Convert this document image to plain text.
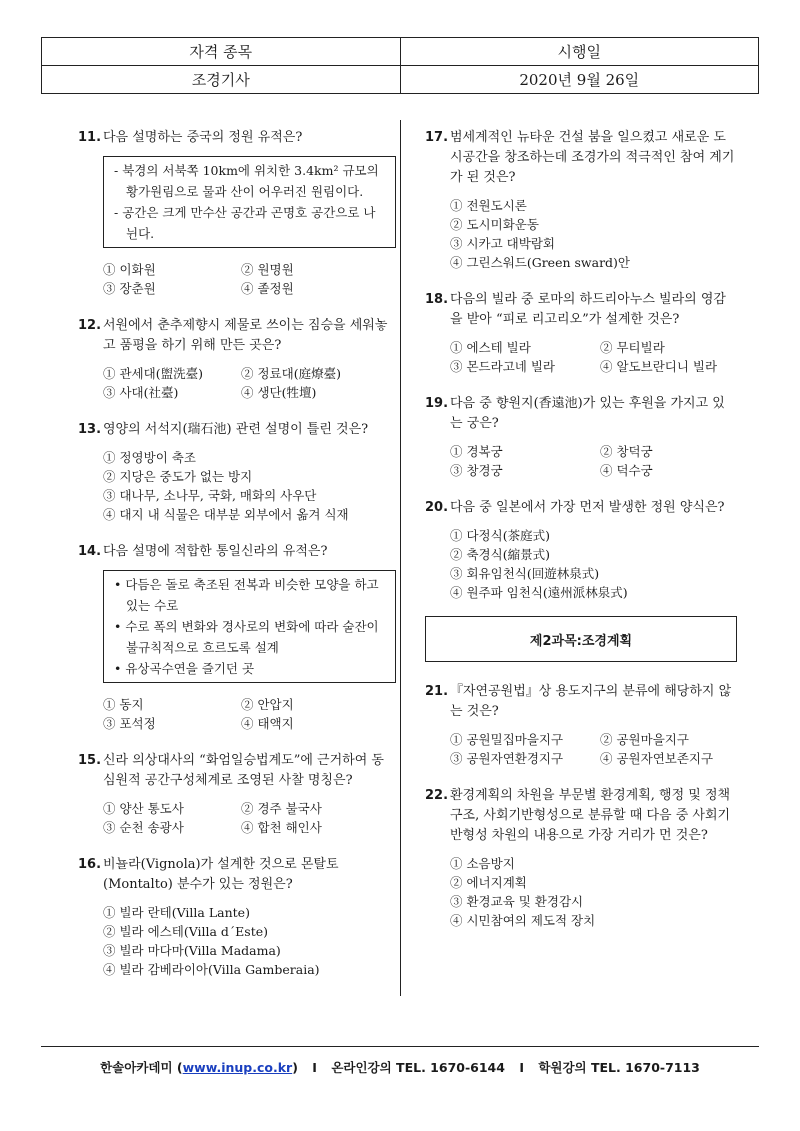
자격 종목	시행일
조경기사	2020년 9월 26일
11. 다음 설명하는 중국의 정원 유적은?
- 북경의 서북쪽 10km에 위치한 3.4km² 규모의 황가원림으로 물과 산이 어우러진 원림이다.
- 공간은 크게 만수산 공간과 곤명호 공간으로 나뉜다.
① 이화원	② 원명원
③ 장춘원	④ 졸정원
12. 서원에서 춘추제향시 제물로 쓰이는 짐승을 세워놓고 품평을 하기 위해 만든 곳은?
① 관세대(盥洗臺)	② 정료대(庭燎臺)
③ 사대(社臺)	④ 생단(牲壇)
13. 영양의 서석지(瑞石池) 관련 설명이 틀린 것은?
① 정영방이 축조
② 지당은 중도가 없는 방지
③ 대나무, 소나무, 국화, 매화의 사우단
④ 대지 내 식물은 대부분 외부에서 옮겨 식재
14. 다음 설명에 적합한 통일신라의 유적은?
• 다듬은 돌로 축조된 전복과 비슷한 모양을 하고 있는 수로
• 수로 폭의 변화와 경사로의 변화에 따라 술잔이 불규칙적으로 흐르도록 설계
• 유상곡수연을 즐기던 곳
① 동지	② 안압지
③ 포석정	④ 태액지
15. 신라 의상대사의 “화엄일승법계도”에 근거하여 동심원적 공간구성체계로 조영된 사찰 명칭은?
① 양산 통도사	② 경주 불국사
③ 순천 송광사	④ 합천 해인사
16. 비뇰라(Vignola)가 설계한 것으로 몬탈토(Montalto) 분수가 있는 정원은?
① 빌라 란테(Villa Lante)
② 빌라 에스테(Villa d´Este)
③ 빌라 마다마(Villa Madama)
④ 빌라 감베라이아(Villa Gamberaia)
17. 범세계적인 뉴타운 건설 붐을 일으켰고 새로운 도시공간을 창조하는데 조경가의 적극적인 참여 계기가 된 것은?
① 전원도시론
② 도시미화운동
③ 시카고 대박람회
④ 그린스워드(Green sward)안
18. 다음의 빌라 중 로마의 하드리아누스 빌라의 영감을 받아 “피로 리고리오”가 설계한 것은?
① 에스테 빌라	② 무티빌라
③ 몬드라고네 빌라	④ 알도브란디니 빌라
19. 다음 중 향원지(香遠池)가 있는 후원을 가지고 있는 궁은?
① 경복궁	② 창덕궁
③ 창경궁	④ 덕수궁
20. 다음 중 일본에서 가장 먼저 발생한 정원 양식은?
① 다정식(茶庭式)
② 축경식(縮景式)
③ 회유임천식(回遊林泉式)
④ 원주파 임천식(遠州派林泉式)
제2과목:조경계획
21. 『자연공원법』상 용도지구의 분류에 해당하지 않는 것은?
① 공원밀집마을지구	② 공원마을지구
③ 공원자연환경지구	④ 공원자연보존지구
22. 환경계획의 차원을 부문별 환경계획, 행정 및 정책구조, 사회기반형성으로 분류할 때 다음 중 사회기반형성 차원의 내용으로 가장 거리가 먼 것은?
① 소음방지
② 에너지계획
③ 환경교육 및 환경감시
④ 시민참여의 제도적 장치
한솔아카데미 (www.inup.co.kr) I 온라인강의 TEL. 1670-6144 I 학원강의 TEL. 1670-7113
